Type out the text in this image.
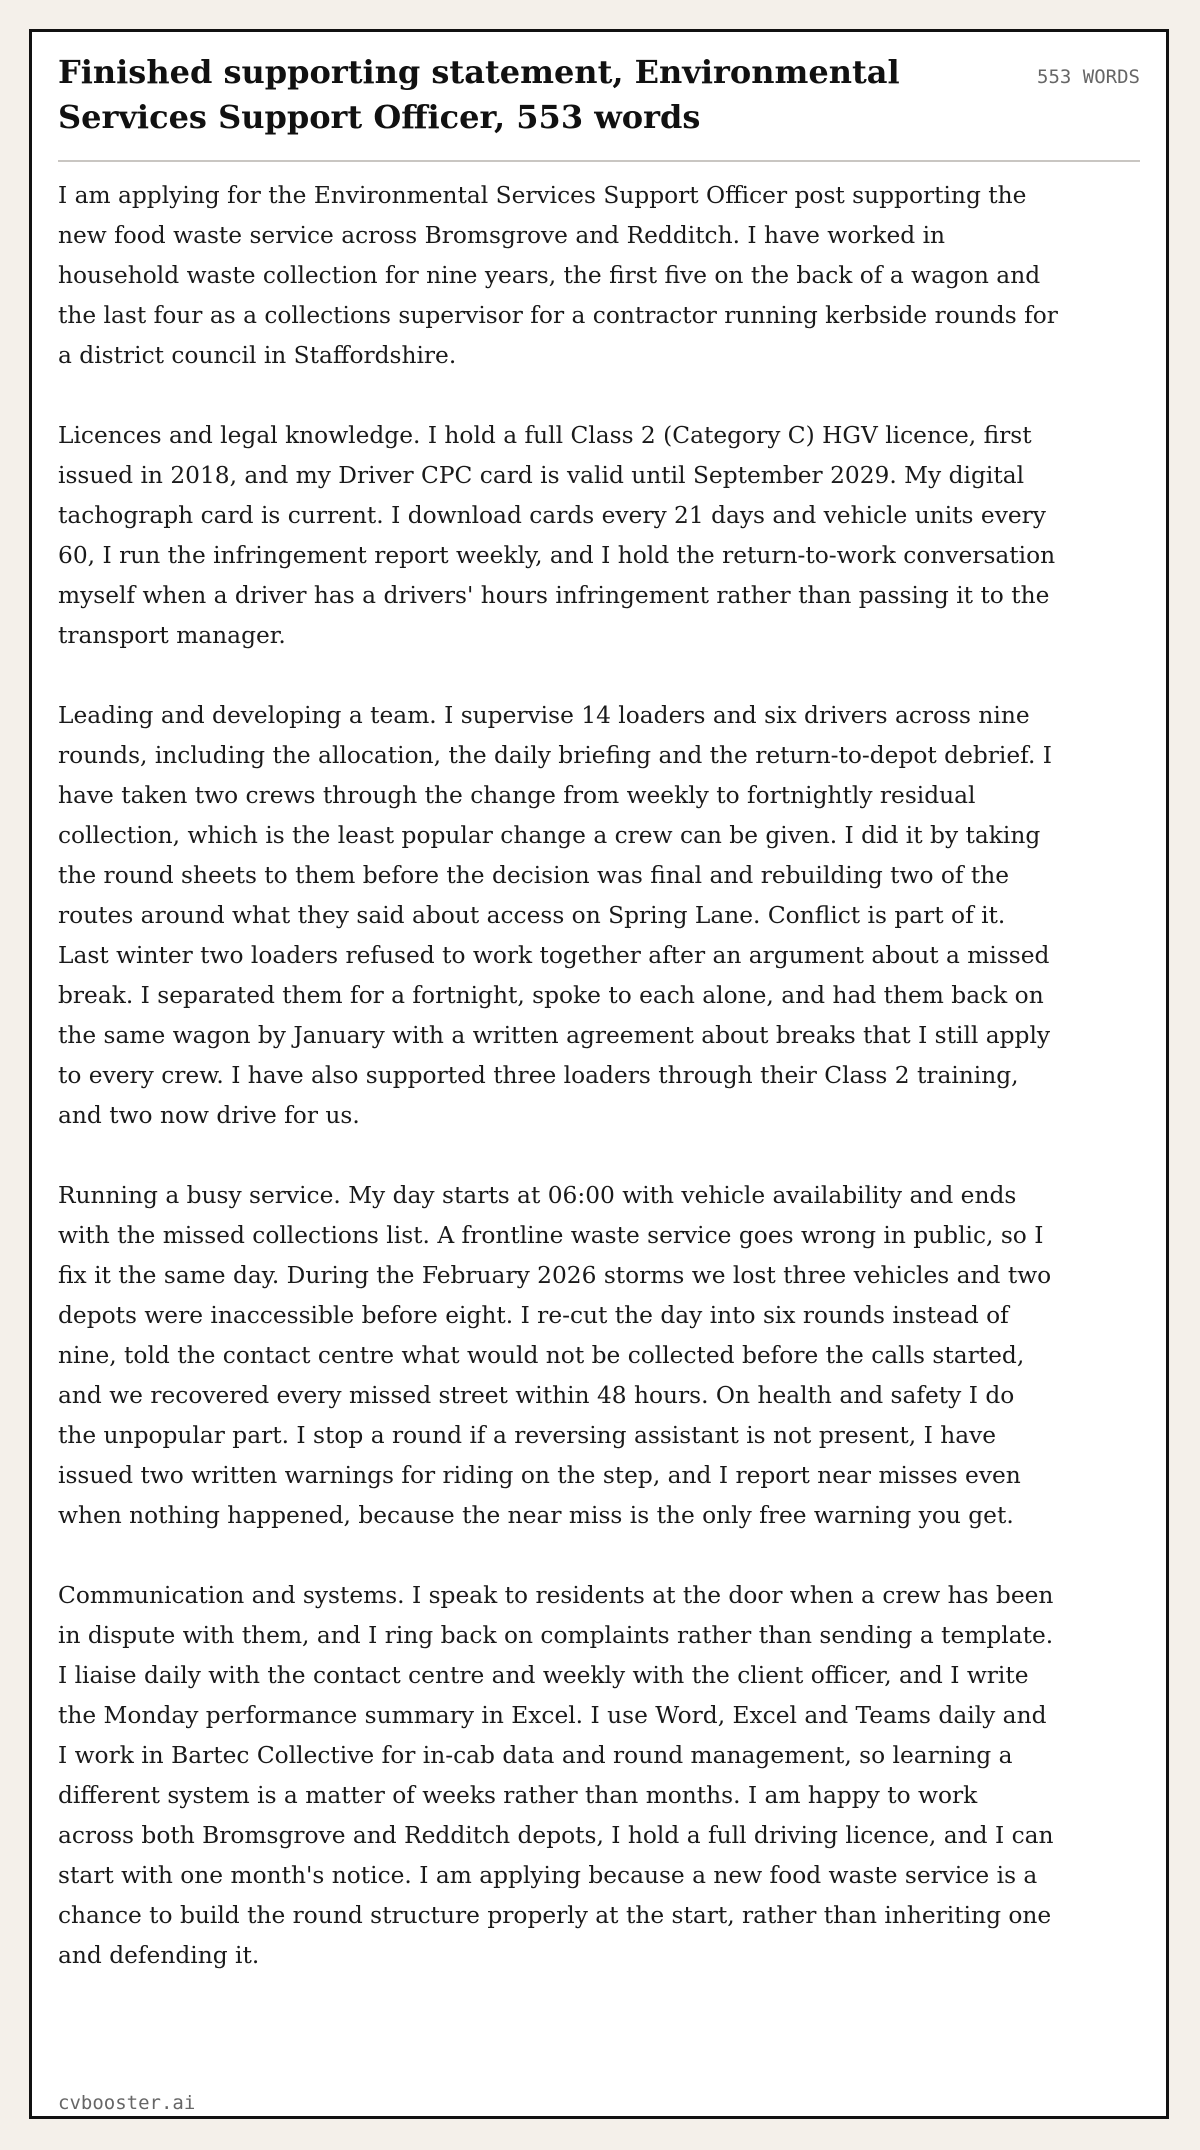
Finished supporting statement, Environmental Services Support Officer, 553 words
553 WORDS

I am applying for the Environmental Services Support Officer post supporting the new food waste service across Bromsgrove and Redditch. I have worked in household waste collection for nine years, the first five on the back of a wagon and the last four as a collections supervisor for a contractor running kerbside rounds for a district council in Staffordshire.

Licences and legal knowledge. I hold a full Class 2 (Category C) HGV licence, first issued in 2018, and my Driver CPC card is valid until September 2029. My digital tachograph card is current. I download cards every 21 days and vehicle units every 60, I run the infringement report weekly, and I hold the return-to-work conversation myself when a driver has a drivers' hours infringement rather than passing it to the transport manager.

Leading and developing a team. I supervise 14 loaders and six drivers across nine rounds, including the allocation, the daily briefing and the return-to-depot debrief. I have taken two crews through the change from weekly to fortnightly residual collection, which is the least popular change a crew can be given. I did it by taking the round sheets to them before the decision was final and rebuilding two of the routes around what they said about access on Spring Lane. Conflict is part of it. Last winter two loaders refused to work together after an argument about a missed break. I separated them for a fortnight, spoke to each alone, and had them back on the same wagon by January with a written agreement about breaks that I still apply to every crew. I have also supported three loaders through their Class 2 training, and two now drive for us.

Running a busy service. My day starts at 06:00 with vehicle availability and ends with the missed collections list. A frontline waste service goes wrong in public, so I fix it the same day. During the February 2026 storms we lost three vehicles and two depots were inaccessible before eight. I re-cut the day into six rounds instead of nine, told the contact centre what would not be collected before the calls started, and we recovered every missed street within 48 hours. On health and safety I do the unpopular part. I stop a round if a reversing assistant is not present, I have issued two written warnings for riding on the step, and I report near misses even when nothing happened, because the near miss is the only free warning you get.

Communication and systems. I speak to residents at the door when a crew has been in dispute with them, and I ring back on complaints rather than sending a template. I liaise daily with the contact centre and weekly with the client officer, and I write the Monday performance summary in Excel. I use Word, Excel and Teams daily and I work in Bartec Collective for in-cab data and round management, so learning a different system is a matter of weeks rather than months. I am happy to work across both Bromsgrove and Redditch depots, I hold a full driving licence, and I can start with one month's notice. I am applying because a new food waste service is a chance to build the round structure properly at the start, rather than inheriting one and defending it.

cvbooster.ai
